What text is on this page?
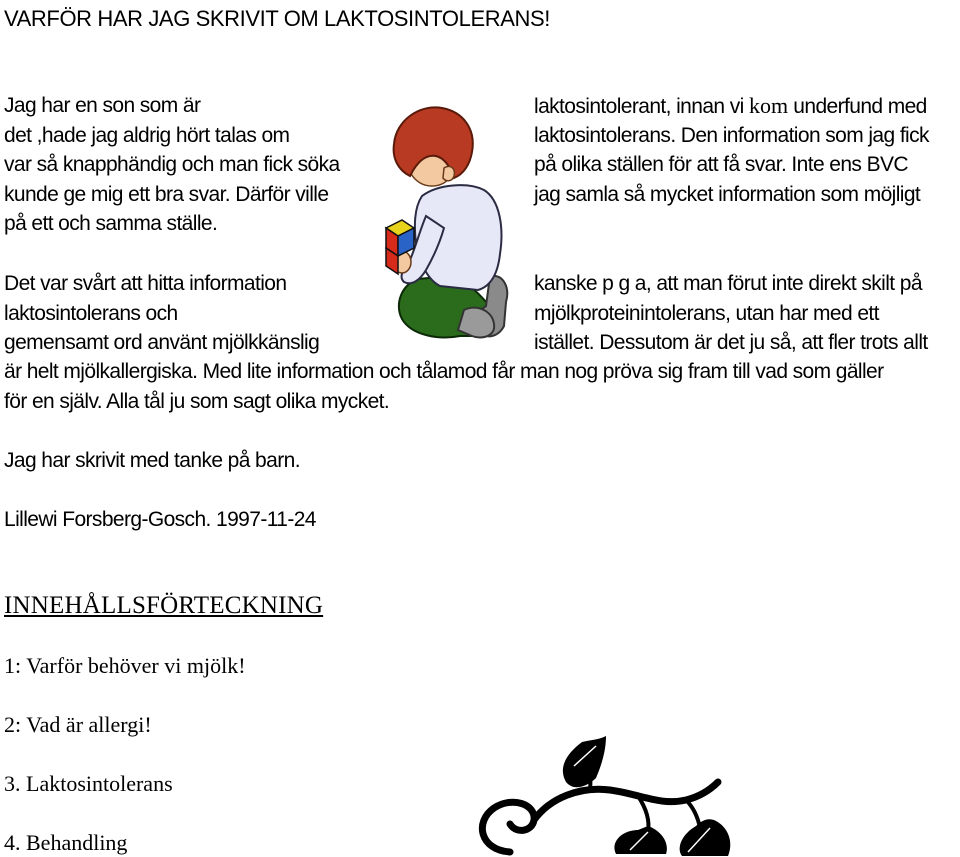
VARFÖR HAR JAG SKRIVIT OM LAKTOSINTOLERANS!
Jag har en son som är
det ,hade jag aldrig hört talas om
var så knapphändig och man fick söka
kunde ge mig ett bra svar. Därför ville
på ett och samma ställe.
laktosintolerant, innan vi kom underfund med
laktosintolerans. Den information som jag fick
på olika ställen för att få svar. Inte ens BVC
jag samla så mycket information som möjligt
Det var svårt att hitta information
laktosintolerans och
gemensamt ord använt mjölkkänslig
kanske p g a, att man förut inte direkt skilt på
mjölkproteinintolerans, utan har med ett
istället. Dessutom är det ju så, att fler trots allt
är helt mjölkallergiska. Med lite information och tålamod får man nog pröva sig fram till vad som gäller
för en själv. Alla tål ju som sagt olika mycket.
Jag har skrivit med tanke på barn.
Lillewi Forsberg-Gosch. 1997-11-24
INNEHÅLLSFÖRTECKNING
1: Varför behöver vi mjölk!
2: Vad är allergi!
3. Laktosintolerans
4. Behandling
